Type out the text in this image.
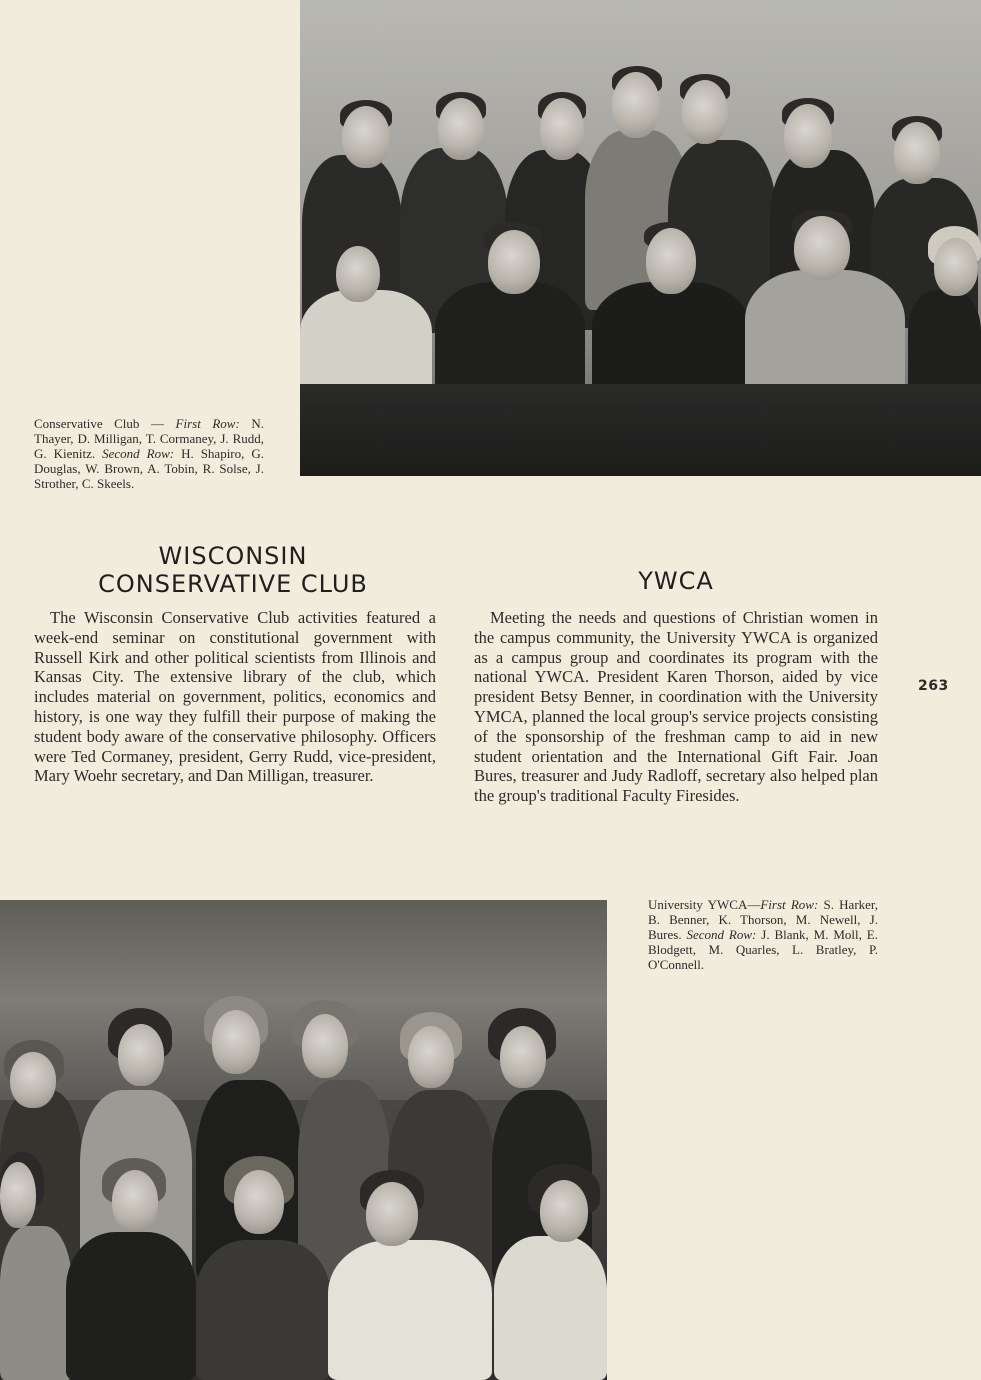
Conservative Club — First Row: N. Thayer, D. Milligan, T. Cormaney, J. Rudd, G. Kienitz. Second Row: H. Shapiro, G. Douglas, W. Brown, A. Tobin, R. Solse, J. Strother, C. Skeels.
WISCONSIN
CONSERVATIVE CLUB

The Wisconsin Conservative Club activities featured a week-end seminar on constitutional government with Russell Kirk and other political scientists from Illinois and Kansas City. The extensive library of the club, which includes material on government, politics, economics and history, is one way they fulfill their purpose of making the student body aware of the conservative philosophy. Officers were Ted Cormaney, president, Gerry Rudd, vice-president, Mary Woehr secretary, and Dan Milligan, treasurer.

YWCA

Meeting the needs and questions of Christian women in the campus community, the University YWCA is organized as a campus group and coordinates its program with the national YWCA. President Karen Thorson, aided by vice president Betsy Benner, in coordination with the University YMCA, planned the local group's service projects consisting of the sponsorship of the freshman camp to aid in new student orientation and the International Gift Fair. Joan Bures, treasurer and Judy Radloff, secretary also helped plan the group's traditional Faculty Firesides.

263
University YWCA—First Row: S. Harker, B. Benner, K. Thorson, M. Newell, J. Bures. Second Row: J. Blank, M. Moll, E. Blodgett, M. Quarles, L. Bratley, P. O'Connell.
